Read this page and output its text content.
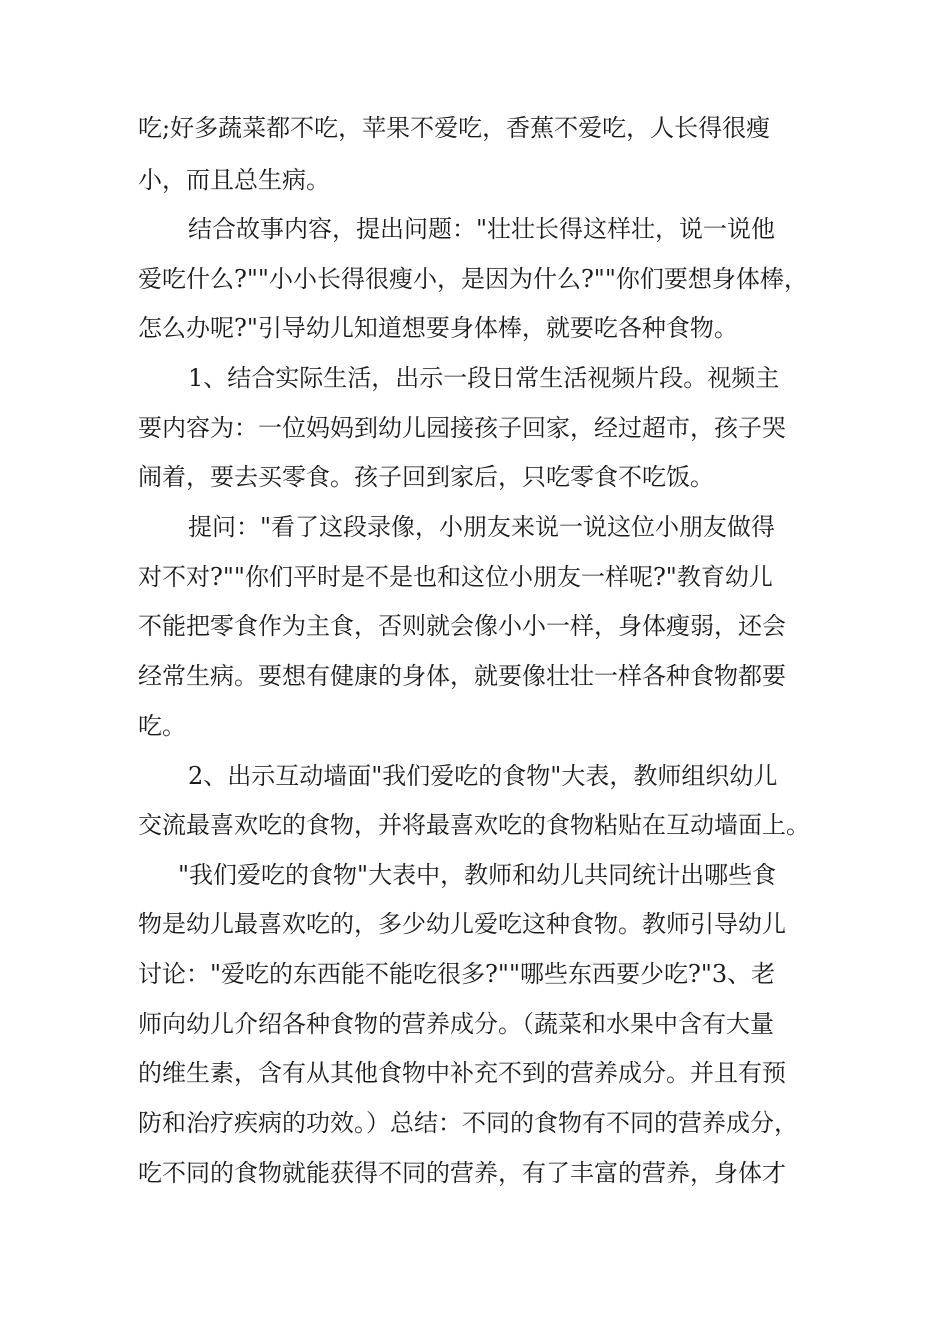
吃;好多蔬菜都不吃，苹果不爱吃，香蕉不爱吃，人长得很瘦

小，而且总生病。

结合故事内容，提出问题："壮壮长得这样壮，说一说他

爱吃什么?""小小长得很瘦小，是因为什么?""你们要想身体棒，

怎么办呢?"引导幼儿知道想要身体棒，就要吃各种食物。

1、结合实际生活，出示一段日常生活视频片段。视频主

要内容为：一位妈妈到幼儿园接孩子回家，经过超市，孩子哭

闹着，要去买零食。孩子回到家后，只吃零食不吃饭。

提问："看了这段录像，小朋友来说一说这位小朋友做得

对不对?""你们平时是不是也和这位小朋友一样呢?"教育幼儿

不能把零食作为主食，否则就会像小小一样，身体瘦弱，还会

经常生病。要想有健康的身体，就要像壮壮一样各种食物都要

吃。

2、出示互动墙面"我们爱吃的食物"大表，教师组织幼儿

交流最喜欢吃的食物，并将最喜欢吃的食物粘贴在互动墙面上。

"我们爱吃的食物"大表中，教师和幼儿共同统计出哪些食

物是幼儿最喜欢吃的，多少幼儿爱吃这种食物。教师引导幼儿

讨论："爱吃的东西能不能吃很多?""哪些东西要少吃?"3、老

师向幼儿介绍各种食物的营养成分。（蔬菜和水果中含有大量

的维生素，含有从其他食物中补充不到的营养成分。并且有预

防和治疗疾病的功效。）总结：不同的食物有不同的营养成分，

吃不同的食物就能获得不同的营养，有了丰富的营养，身体才
